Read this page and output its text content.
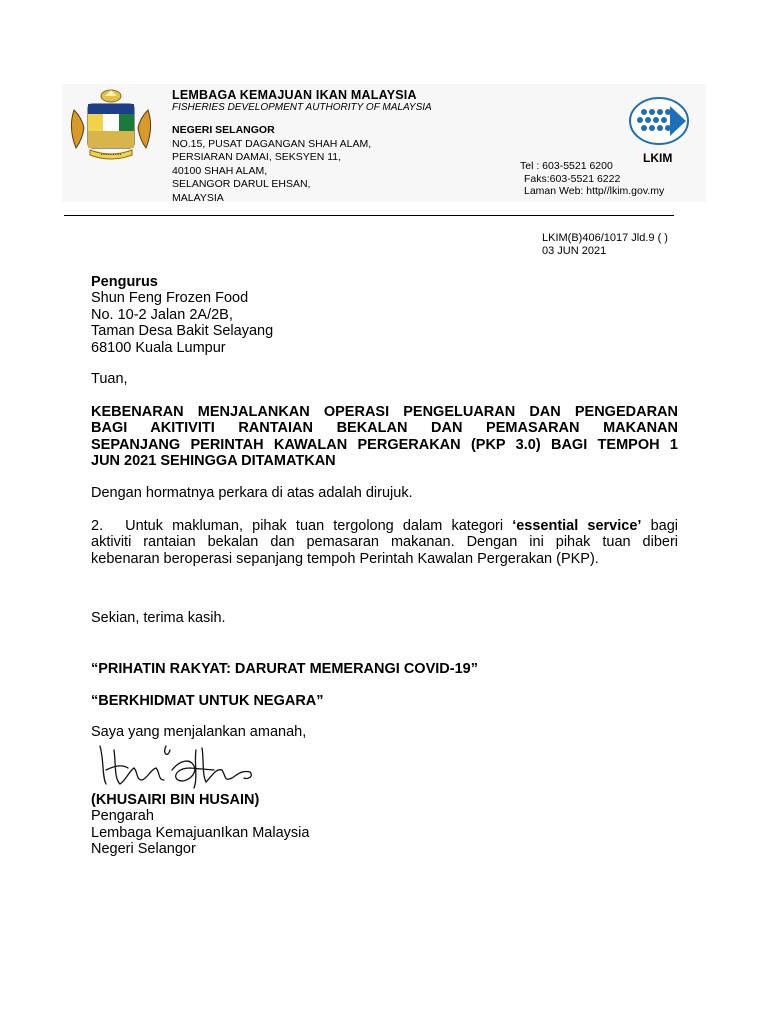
•••••••••
LEMBAGA KEMAJUAN IKAN MALAYSIA
FISHERIES DEVELOPMENT AUTHORITY OF MALAYSIA
NEGERI SELANGOR
NO.15, PUSAT DAGANGAN SHAH ALAM,
PERSIARAN DAMAI, SEKSYEN 11,
40100 SHAH ALAM,
SELANGOR DARUL EHSAN,
MALAYSIA
LKIM
Tel : 603-5521 6200
Faks:603-5521 6222
Laman Web: http//lkim.gov.my
LKIM(B)406/1017 Jld.9 ( )
03 JUN 2021
Pengurus
Shun Feng Frozen Food
No. 10-2 Jalan 2A/2B,
Taman Desa Bakit Selayang
68100 Kuala Lumpur
Tuan,
KEBENARAN MENJALANKAN OPERASI PENGELUARAN DAN PENGEDARAN
BAGI AKITIVITI RANTAIAN BEKALAN DAN PEMASARAN MAKANAN
SEPANJANG PERINTAH KAWALAN PERGERAKAN (PKP 3.0) BAGI TEMPOH 1
JUN 2021 SEHINGGA DITAMATKAN
Dengan hormatnya perkara di atas adalah dirujuk.
2. Untuk makluman, pihak tuan tergolong dalam kategori ‘essential service’ bagi
aktiviti rantaian bekalan dan pemasaran makanan. Dengan ini pihak tuan diberi
kebenaran beroperasi sepanjang tempoh Perintah Kawalan Pergerakan (PKP).
Sekian, terima kasih.
“PRIHATIN RAKYAT: DARURAT MEMERANGI COVID-19”
“BERKHIDMAT UNTUK NEGARA”
Saya yang menjalankan amanah,
(KHUSAIRI BIN HUSAIN)
Pengarah
Lembaga KemajuanIkan Malaysia
Negeri Selangor
